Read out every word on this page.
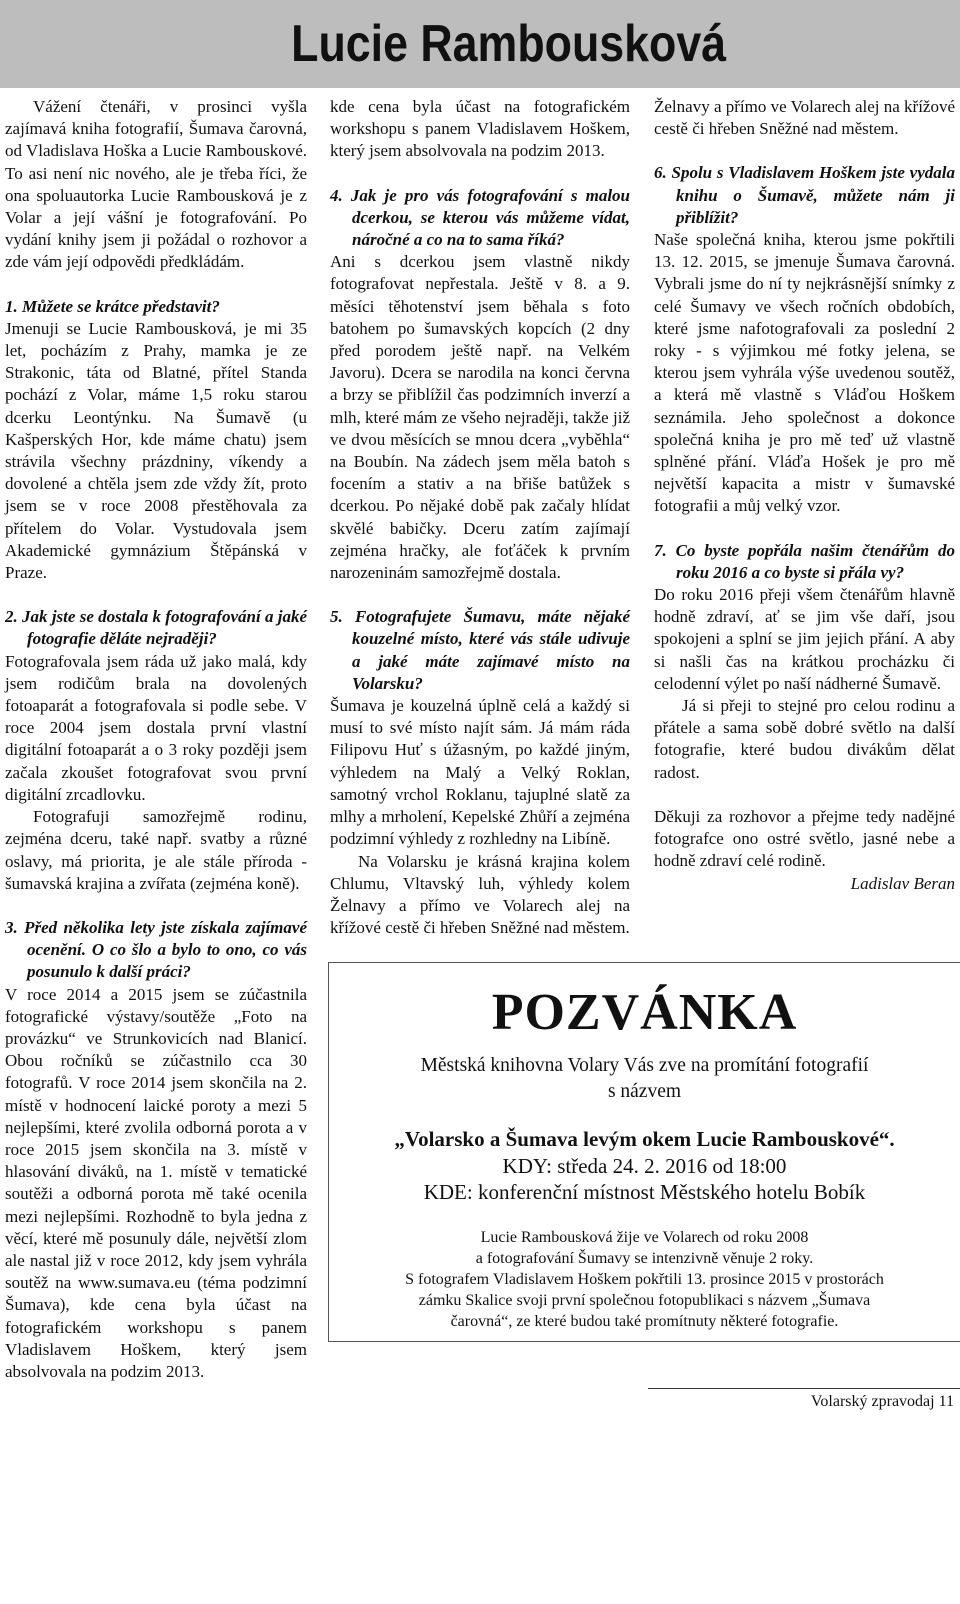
Lucie Rambousková

Vážení čtenáři, v prosinci vyšla zajímavá kniha fotografií, Šumava čarovná, od Vladislava Hoška a Lucie Rambouskové. To asi není nic nového, ale je třeba říci, že ona spoluautorka Lucie Rambousková je z Volar a její vášní je fotografování. Po vydání knihy jsem ji požádal o rozhovor a zde vám její odpovědi předkládám.

1. Můžete se krátce představit?

Jmenuji se Lucie Rambousková, je mi 35 let, pocházím z Prahy, mamka je ze Strakonic, táta od Blatné, přítel Standa pochází z Volar, máme 1,5 roku starou dcerku Leontýnku. Na Šumavě (u Kašperských Hor, kde máme chatu) jsem strávila všechny prázdniny, víkendy a dovolené a chtěla jsem zde vždy žít, proto jsem se v roce 2008 přestěhovala za přítelem do Volar. Vystudovala jsem Akademické gymnázium Štěpánská v Praze.

2. Jak jste se dostala k fotografování a jaké fotografie děláte nejraději?

Fotografovala jsem ráda už jako malá, kdy jsem rodičům brala na dovolených fotoaparát a fotografovala si podle sebe. V roce 2004 jsem dostala první vlastní digitální fotoaparát a o 3 roky později jsem začala zkoušet fotografovat svou první digitální zrcadlovku.

Fotografuji samozřejmě rodinu, zejména dceru, také např. svatby a různé oslavy, má priorita, je ale stále příroda - šumavská krajina a zvířata (zejména koně).

3. Před několika lety jste získala zajímavé ocenění. O co šlo a bylo to ono, co vás posunulo k další práci?

V roce 2014 a 2015 jsem se zúčastnila fotografické výstavy/soutěže „Foto na provázku“ ve Strunkovicích nad Blanicí. Obou ročníků se zúčastnilo cca 30 fotografů. V roce 2014 jsem skončila na 2. místě v hodnocení laické poroty a mezi 5 nejlepšími, které zvolila odborná porota a v roce 2015 jsem skončila na 3. místě v hlasování diváků, na 1. místě v tematické soutěži a odborná porota mě také ocenila mezi nejlepšími. Rozhodně to byla jedna z věcí, které mě posunuly dále, největší zlom ale nastal již v roce 2012, kdy jsem vyhrála soutěž na www.sumava.eu (téma podzimní Šumava), kde cena byla účast na fotografickém workshopu s panem Vladislavem Hoškem, který jsem absolvovala na podzim 2013.

kde cena byla účast na fotografickém workshopu s panem Vladislavem Hoškem, který jsem absolvovala na podzim 2013.

4. Jak je pro vás fotografování s malou dcerkou, se kterou vás můžeme vídat, náročné a co na to sama říká?

Ani s dcerkou jsem vlastně nikdy fotografovat nepřestala. Ještě v 8. a 9. měsíci těhotenství jsem běhala s foto batohem po šumavských kopcích (2 dny před porodem ještě např. na Velkém Javoru). Dcera se narodila na konci června a brzy se přiblížil čas podzimních inverzí a mlh, které mám ze všeho nejraději, takže již ve dvou měsících se mnou dcera „vyběhla“ na Boubín. Na zádech jsem měla batoh s focením a stativ a na břiše batůžek s dcerkou. Po nějaké době pak začaly hlídat skvělé babičky. Dceru zatím zajímají zejména hračky, ale foťáček k prvním narozeninám samozřejmě dostala.

5. Fotografujete Šumavu, máte nějaké kouzelné místo, které vás stále udivuje a jaké máte zajímavé místo na Volarsku?

Šumava je kouzelná úplně celá a každý si musí to své místo najít sám. Já mám ráda Filipovu Huť s úžasným, po každé jiným, výhledem na Malý a Velký Roklan, samotný vrchol Roklanu, tajuplné slatě za mlhy a mrholení, Kepelské Zhůří a zejména podzimní výhledy z rozhledny na Libíně.

Na Volarsku je krásná krajina kolem Chlumu, Vltavský luh, výhledy kolem Želnavy a přímo ve Volarech alej na křížové cestě či hřeben Sněžné nad městem.

Želnavy a přímo ve Volarech alej na křížové cestě či hřeben Sněžné nad městem.

6. Spolu s Vladislavem Hoškem jste vydala knihu o Šumavě, můžete nám ji přiblížit?

Naše společná kniha, kterou jsme pokřtili 13. 12. 2015, se jmenuje Šumava čarovná. Vybrali jsme do ní ty nejkrásnější snímky z celé Šumavy ve všech ročních obdobích, které jsme nafotografovali za poslední 2 roky - s výjimkou mé fotky jelena, se kterou jsem vyhrála výše uvedenou soutěž, a která mě vlastně s Vláďou Hoškem seznámila. Jeho společnost a dokonce společná kniha je pro mě teď už vlastně splněné přání. Vláďa Hošek je pro mě největší kapacita a mistr v šumavské fotografii a můj velký vzor.

7. Co byste popřála našim čtenářům do roku 2016 a co byste si přála vy?

Do roku 2016 přeji všem čtenářům hlavně hodně zdraví, ať se jim vše daří, jsou spokojeni a splní se jim jejich přání. A aby si našli čas na krátkou procházku či celodenní výlet po naší nádherné Šumavě.

Já si přeji to stejné pro celou rodinu a přátele a sama sobě dobré světlo na další fotografie, které budou divákům dělat radost.

Děkuji za rozhovor a přejme tedy nadějné fotografce ono ostré světlo, jasné nebe a hodně zdraví celé rodině.

Ladislav Beran

POZVÁNKA
Městská knihovna Volary Vás zve na promítání fotografií
s názvem
„Volarsko a Šumava levým okem Lucie Rambouskové“.
KDY: středa 24. 2. 2016 od 18:00
KDE: konferenční místnost Městského hotelu Bobík
Lucie Rambousková žije ve Volarech od roku 2008
a fotografování Šumavy se intenzivně věnuje 2 roky.
S fotografem Vladislavem Hoškem pokřtili 13. prosince 2015 v prostorách
zámku Skalice svoji první společnou fotopublikaci s názvem „Šumava
čarovná“, ze které budou také promítnuty některé fotografie.
Volarský zpravodaj 11
